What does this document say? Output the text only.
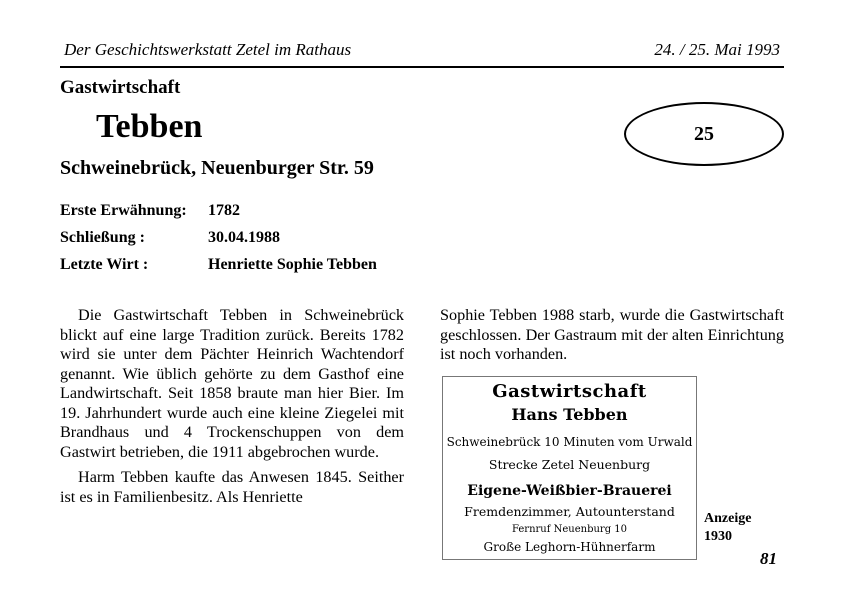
Der Geschichtswerkstatt Zetel im Rathaus	24. / 25. Mai 1993
Gastwirtschaft
Tebben
Schweinebrück, Neuenburger Str. 59
25
Erste Erwähnung: 1782
Schließung :	30.04.1988
Letzte Wirt :	Henriette Sophie Tebben

Die Gastwirtschaft Tebben in Schweinebrück blickt auf eine large Tradition zurück. Bereits 1782 wird sie unter dem Pächter Heinrich Wachtendorf genannt. Wie üblich gehörte zu dem Gasthof eine Landwirtschaft. Seit 1858 braute man hier Bier. Im 19. Jahrhundert wurde auch eine kleine Ziegelei mit Brandhaus und 4 Trockenschuppen von dem Gastwirt betrieben, die 1911 abgebrochen wurde.

Harm Tebben kaufte das Anwesen 1845. Seither ist es in Familienbesitz. Als Henriette

Sophie Tebben 1988 starb, wurde die Gastwirtschaft geschlossen. Der Gastraum mit der alten Einrichtung ist noch vorhanden.

Gastwirtschaft
Hans Tebben
Schweinebrück 10 Minuten vom Urwald
Strecke Zetel Neuenburg
Eigene-Weißbier-Brauerei
Fremdenzimmer, Autounterstand
Fernruf Neuenburg 10
Große Leghorn-Hühnerfarm
Anzeige
1930
81
